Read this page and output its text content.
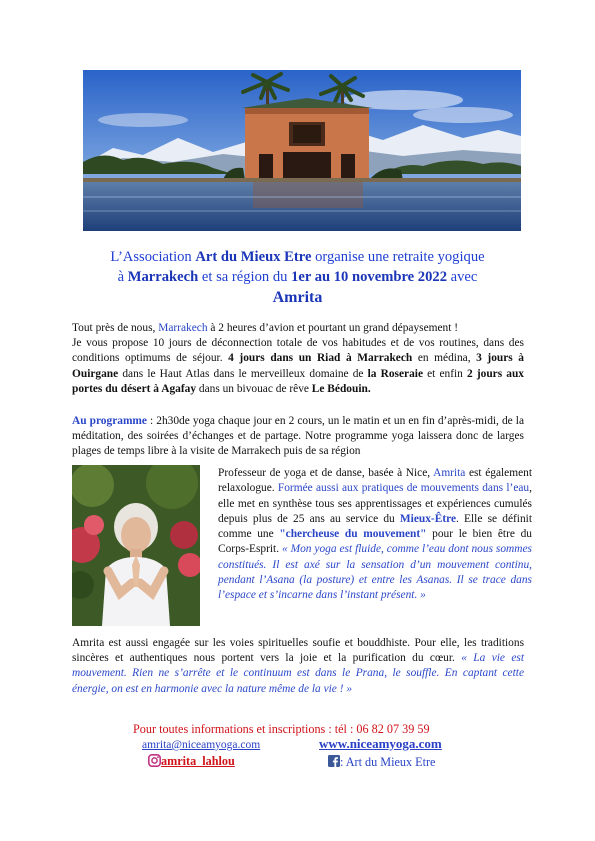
L’Association Art du Mieux Etre organise une retraite yogique
à Marrakech et sa région du 1er au 10 novembre 2022 avec
Amrita
Tout près de nous, Marrakech à 2 heures d’avion et pourtant un grand dépaysement !
Je vous propose 10 jours de déconnection totale de vos habitudes et de vos routines, dans des conditions optimums de séjour. 4 jours dans un Riad à Marrakech en médina, 3 jours à Ouirgane dans le Haut Atlas dans le merveilleux domaine de la Roseraie et enfin 2 jours aux portes du désert à Agafay dans un bivouac de rêve Le Bédouin.
Au programme : 2h30de yoga chaque jour en 2 cours, un le matin et un en fin d’après-midi, de la méditation, des soirées d’échanges et de partage. Notre programme yoga laissera donc de larges plages de temps libre à la visite de Marrakech puis de sa région
Professeur de yoga et de danse, basée à Nice, Amrita est également relaxologue. Formée aussi aux pratiques de mouvements dans l’eau, elle met en synthèse tous ses apprentissages et expériences cumulés depuis plus de 25 ans au service du Mieux-Être. Elle se définit comme une "chercheuse du mouvement" pour le bien être du Corps-Esprit. « Mon yoga est fluide, comme l’eau dont nous sommes constitués. Il est axé sur la sensation d’un mouvement continu, pendant l’Asana (la posture) et entre les Asanas. Il se trace dans l’espace et s’incarne dans l’instant présent. »
Amrita est aussi engagée sur les voies spirituelles soufie et bouddhiste. Pour elle, les traditions sincères et authentiques nous portent vers la joie et la purification du cœur. « La vie est mouvement. Rien ne s’arrête et le continuum est dans le Prana, le souffle. En captant cette énergie, on est en harmonie avec la nature même de la vie ! »
Pour toutes informations et inscriptions : tél : 06 82 07 39 59
amrita@niceamyoga.com	www.niceamyoga.com
amrita_lahlou	: Art du Mieux Etre
